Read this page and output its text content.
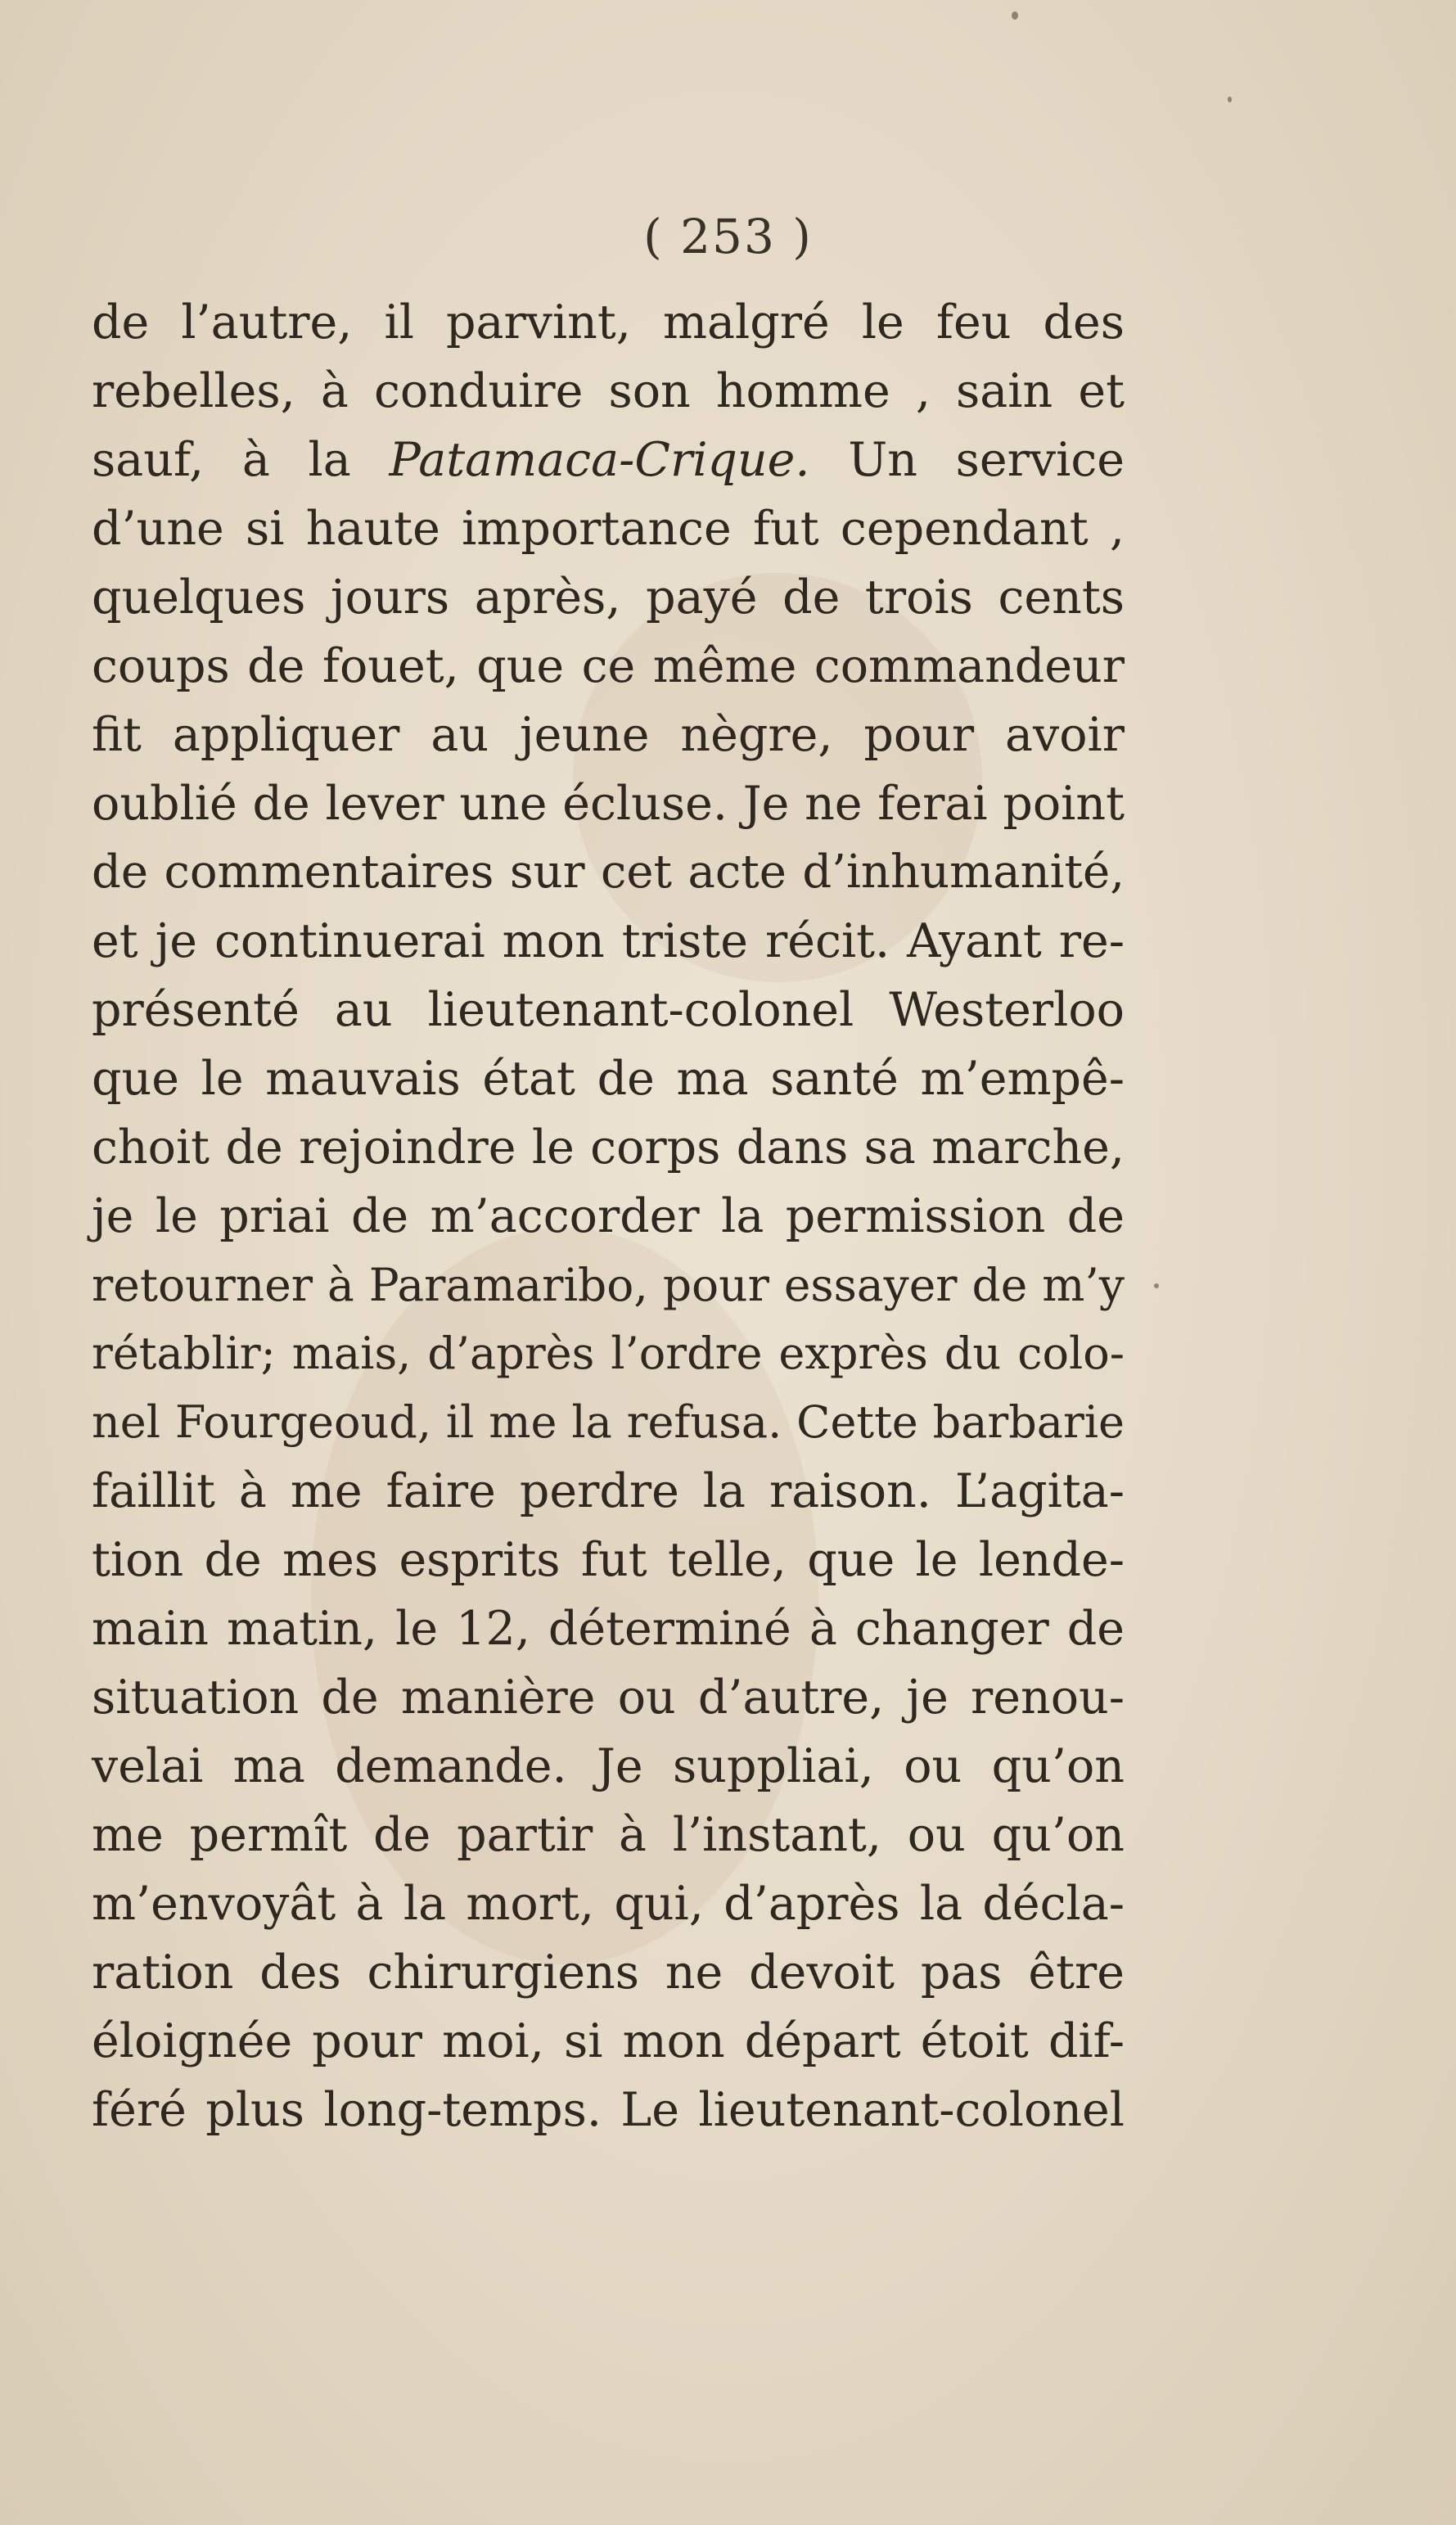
( 253 )
de l’autre, il parvint, malgré le feu des
rebelles, à conduire son homme , sain et
sauf, à la Patamaca-Crique. Un service
d’une si haute importance fut cependant ,
quelques jours après, payé de trois cents
coups de fouet, que ce même commandeur
fit appliquer au jeune nègre, pour avoir
oublié de lever une écluse. Je ne ferai point
de commentaires sur cet acte d’inhumanité,
et je continuerai mon triste récit. Ayant re-
présenté au lieutenant-colonel Westerloo
que le mauvais état de ma santé m’empê-
choit de rejoindre le corps dans sa marche,
je le priai de m’accorder la permission de
retourner à Paramaribo, pour essayer de m’y
rétablir; mais, d’après l’ordre exprès du colo-
nel Fourgeoud, il me la refusa. Cette barbarie
faillit à me faire perdre la raison. L’agita-
tion de mes esprits fut telle, que le lende-
main matin, le 12, déterminé à changer de
situation de manière ou d’autre, je renou-
velai ma demande. Je suppliai, ou qu’on
me permît de partir à l’instant, ou qu’on
m’envoyât à la mort, qui, d’après la décla-
ration des chirurgiens ne devoit pas être
éloignée pour moi, si mon départ étoit dif-
féré plus long-temps. Le lieutenant-colonel
